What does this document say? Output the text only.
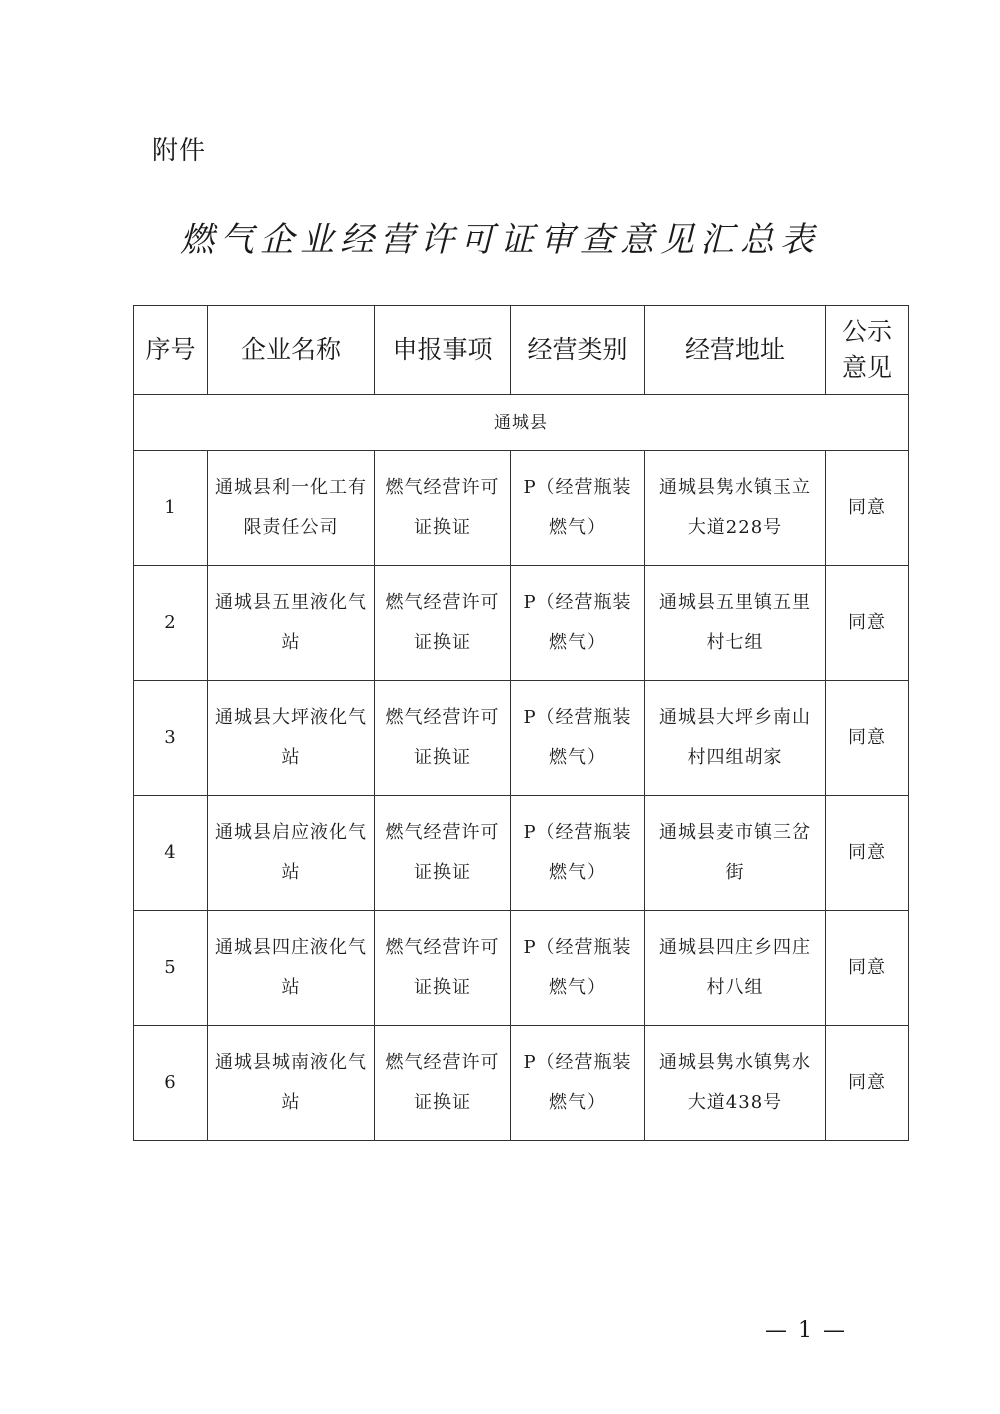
附件
燃气企业经营许可证审查意见汇总表
序号	企业名称	申报事项	经营类别	经营地址	公示意见
通城县					
1	通城县利一化工有限责任公司	燃气经营许可证换证	P（经营瓶装燃气）	通城县隽水镇玉立大道228号	同意
2	通城县五里液化气站	燃气经营许可证换证	P（经营瓶装燃气）	通城县五里镇五里村七组	同意
3	通城县大坪液化气站	燃气经营许可证换证	P（经营瓶装燃气）	通城县大坪乡南山村四组胡家	同意
4	通城县启应液化气站	燃气经营许可证换证	P（经营瓶装燃气）	通城县麦市镇三岔街	同意
5	通城县四庄液化气站	燃气经营许可证换证	P（经营瓶装燃气）	通城县四庄乡四庄村八组	同意
6	通城县城南液化气站	燃气经营许可证换证	P（经营瓶装燃气）	通城县隽水镇隽水大道438号	同意
— 1 —
